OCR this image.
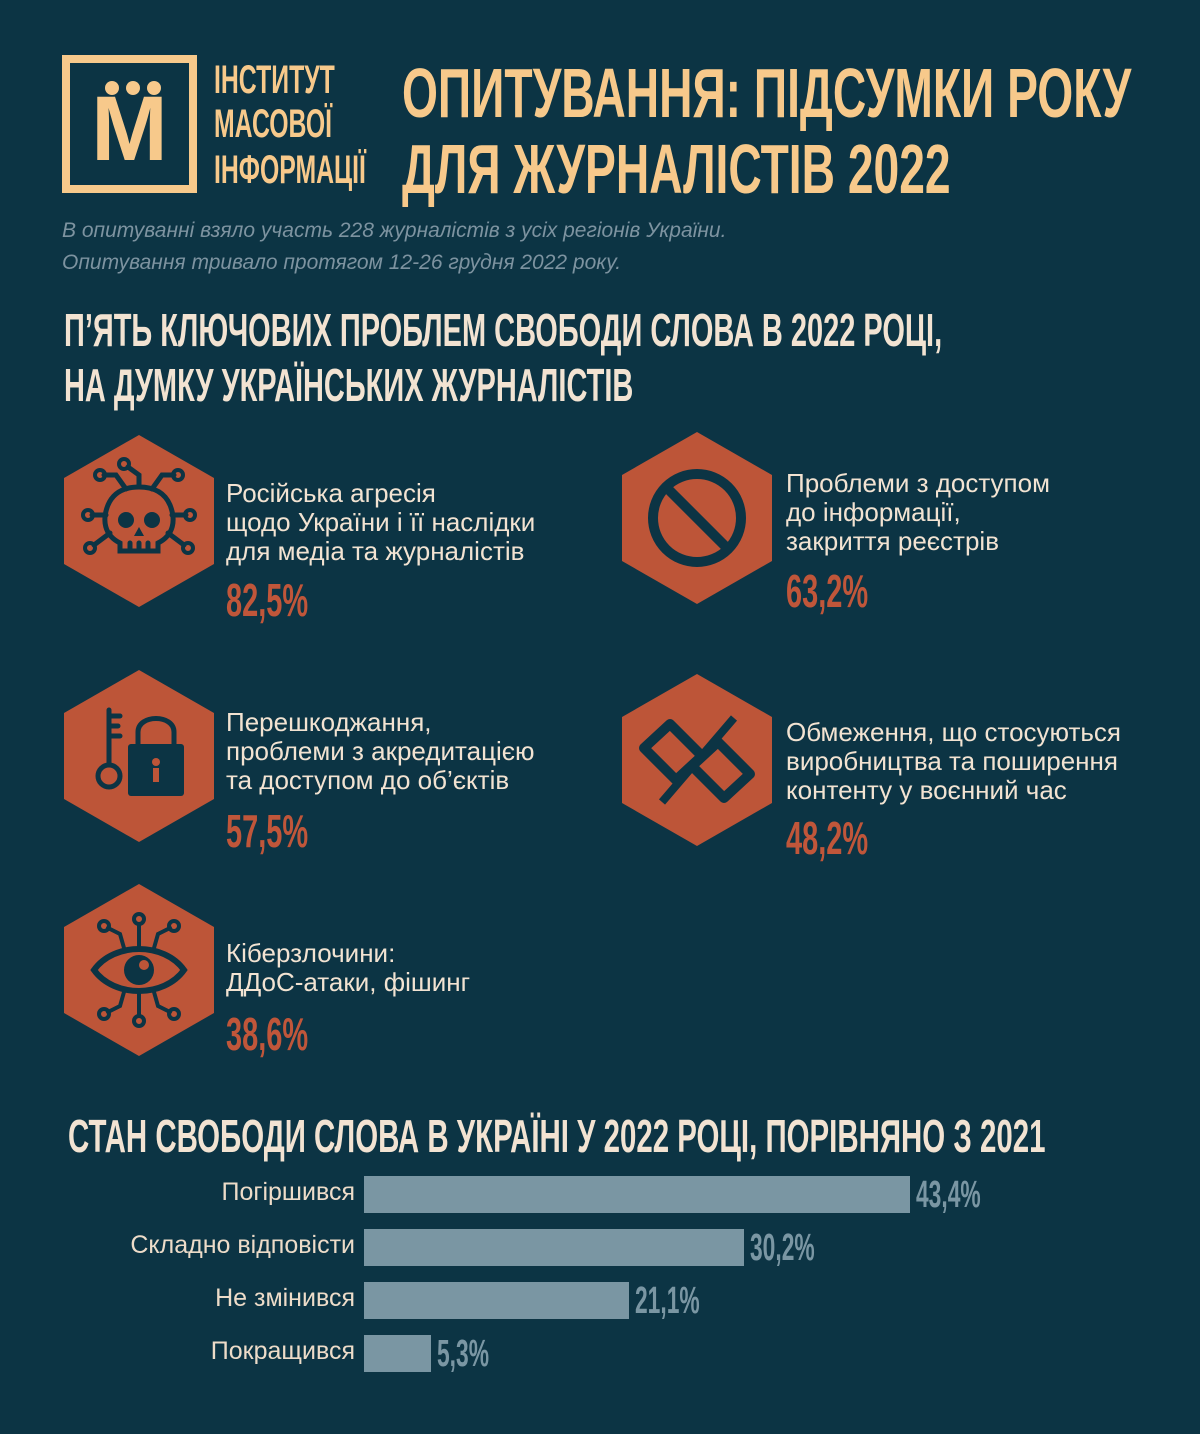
М	ІНСТИТУТ
МАСОВОЇ
ІНФОРМАЦІЇ
ОПИТУВАННЯ: ПІДСУМКИ РОКУ
ДЛЯ ЖУРНАЛІСТІВ 2022
В опитуванні взяло участь 228 журналістів з усіх регіонів України.
Опитування тривало протягом 12-26 грудня 2022 року.
П’ЯТЬ КЛЮЧОВИХ ПРОБЛЕМ СВОБОДИ СЛОВА В 2022 РОЦІ,
НА ДУМКУ УКРАЇНСЬКИХ ЖУРНАЛІСТІВ
Російська агресія
щодо України і її наслідки
для медіа та журналістів
82,5%
Проблеми з доступом
до інформації,
закриття реєстрів
63,2%
Перешкоджання,
проблеми з акредитацією
та доступом до об’єктів
57,5%
Обмеження, що стосуються
виробництва та поширення
контенту у воєнний час
48,2%
Кіберзлочини:
ДДоС-атаки, фішинг
38,6%
СТАН СВОБОДИ СЛОВА В УКРАЇНІ У 2022 РОЦІ, ПОРІВНЯНО З 2021
Погіршився	43,4%
Складно відповісти	30,2%
Не змінився	21,1%
Покращився 5,3%
